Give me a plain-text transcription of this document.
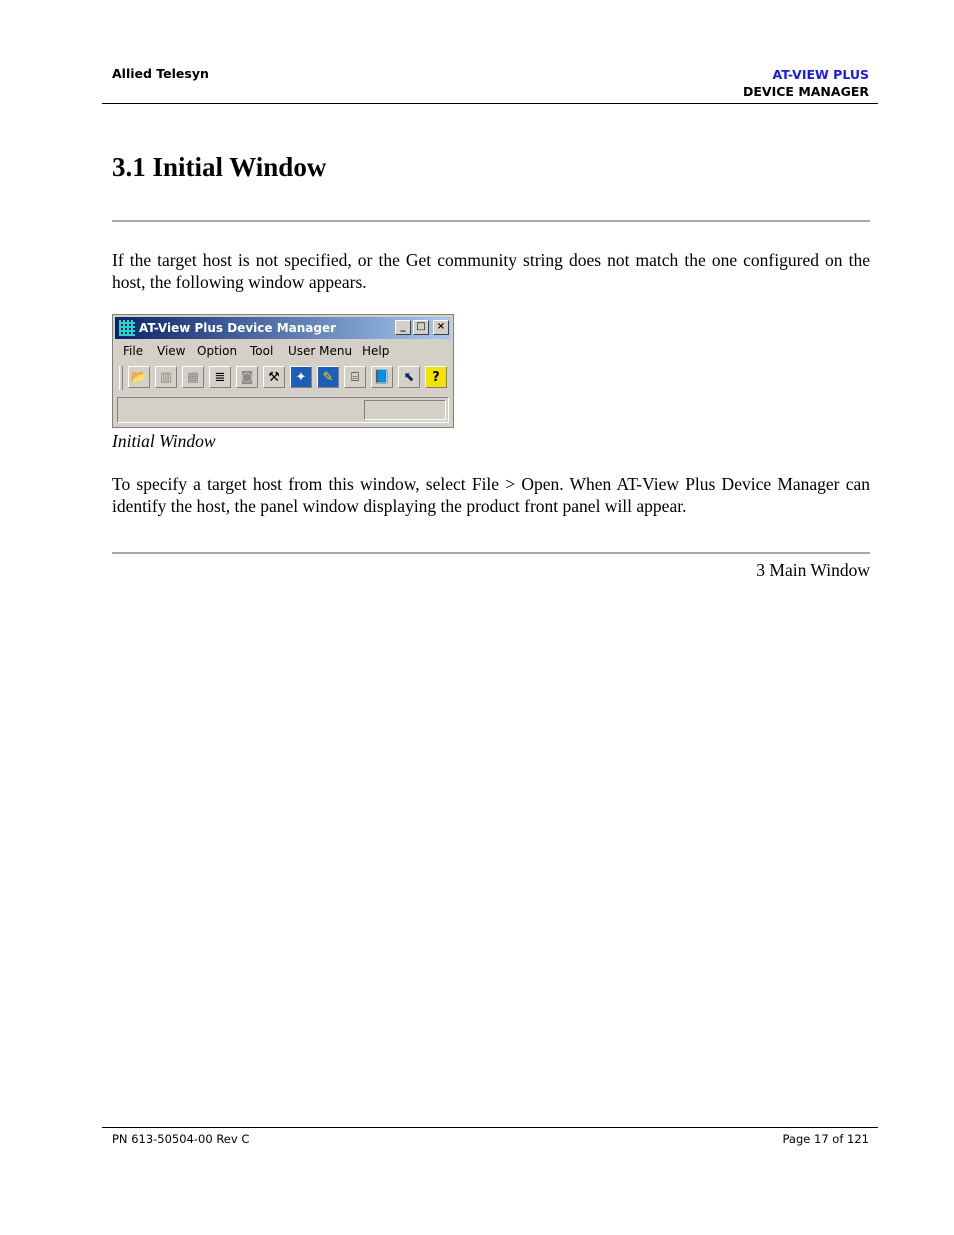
Allied Telesyn	AT-VIEW PLUS
DEVICE MANAGER
3.1 Initial Window

If the target host is not specified, or the Get community string does not match the one configured on the host, the following window appears.

AT-View Plus Device Manager	_	□	×
File View Option Tool User Menu Help
📂 ▥ ▦ ≣ ◙ ⚒ ✦ ✎ ⌸ 📘 ⬉ ?
Initial Window

To specify a target host from this window, select File > Open. When AT-View Plus Device Manager can identify the host, the panel window displaying the product front panel will appear.

3 Main Window
PN 613-50504-00 Rev C	Page 17 of 121
